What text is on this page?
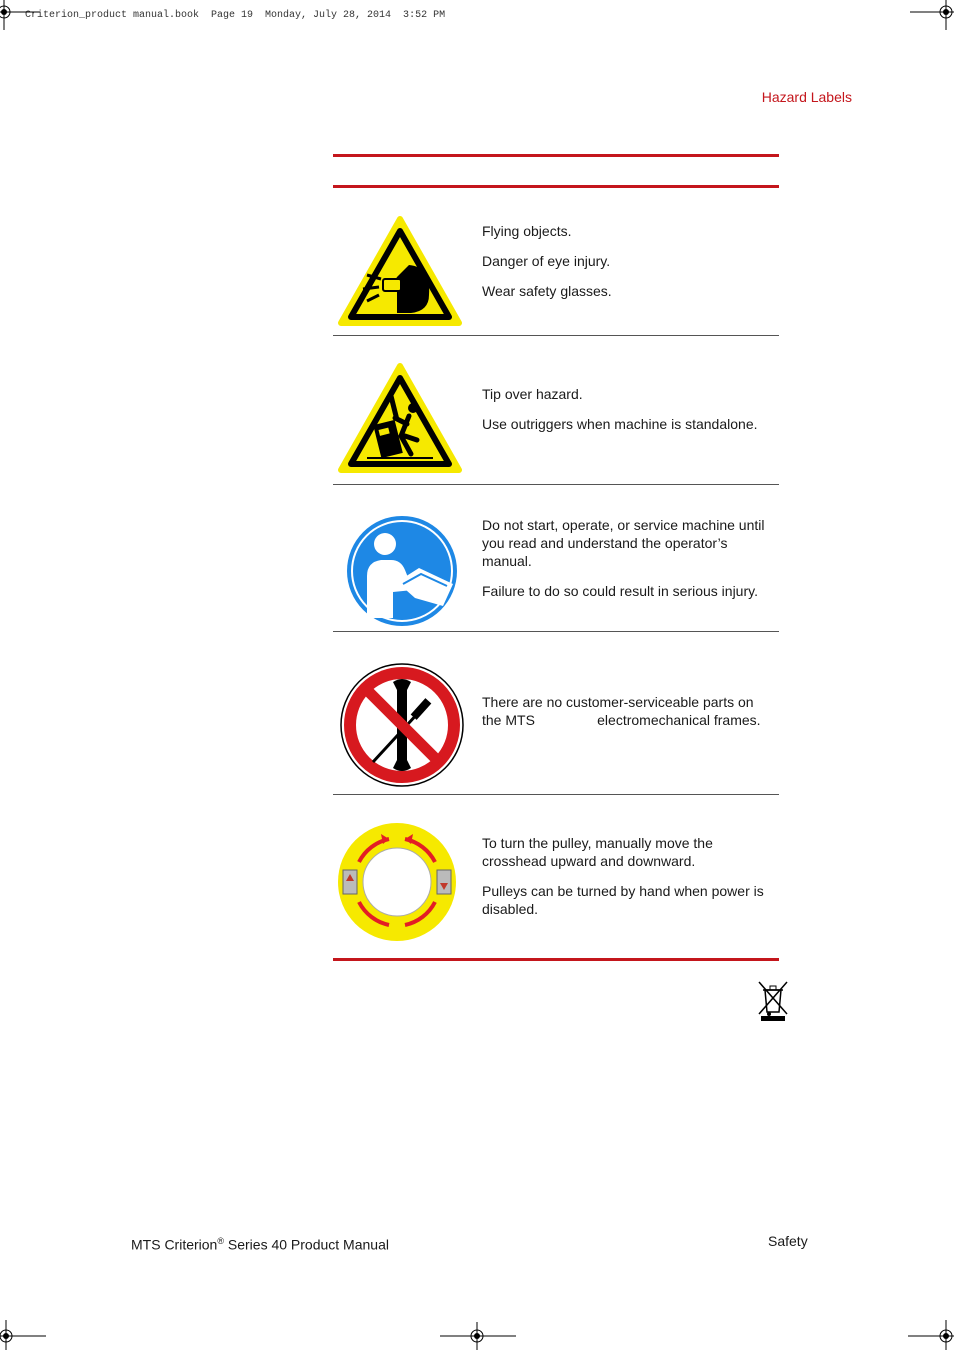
Criterion_product manual.book  Page 19  Monday, July 28, 2014  3:52 PM
Hazard Labels

Flying objects.

Danger of eye injury.

Wear safety glasses.

Tip over hazard.

Use outriggers when machine is standalone.

Do not start, operate, or service machine until you read and understand the operator’s manual.

Failure to do so could result in serious injury.

There are no customer-serviceable parts on the MTS                electromechanical frames.

To turn the pulley, manually move the crosshead upward and downward.

Pulleys can be turned by hand when power is disabled.

MTS Criterion® Series 40 Product Manual	Safety
